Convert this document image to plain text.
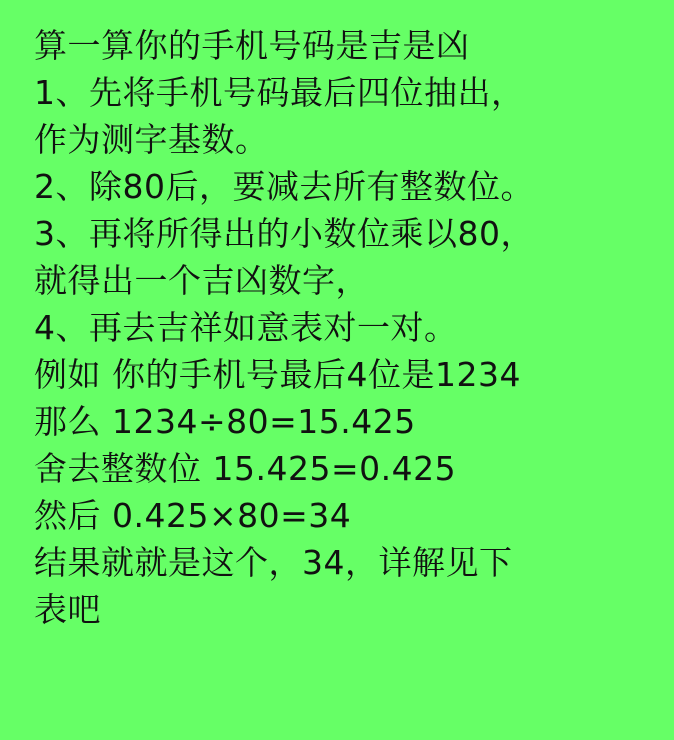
算一算你的手机号码是吉是凶
1、先将手机号码最后四位抽出，
作为测字基数。
2、除80后，要减去所有整数位。
3、再将所得出的小数位乘以80，
就得出一个吉凶数字，
4、再去吉祥如意表对一对。
例如 你的手机号最后4位是1234
那么 1234÷80=15.425
舍去整数位 15.425=0.425
然后 0.425×80=34
结果就就是这个，34，详解见下
表吧
